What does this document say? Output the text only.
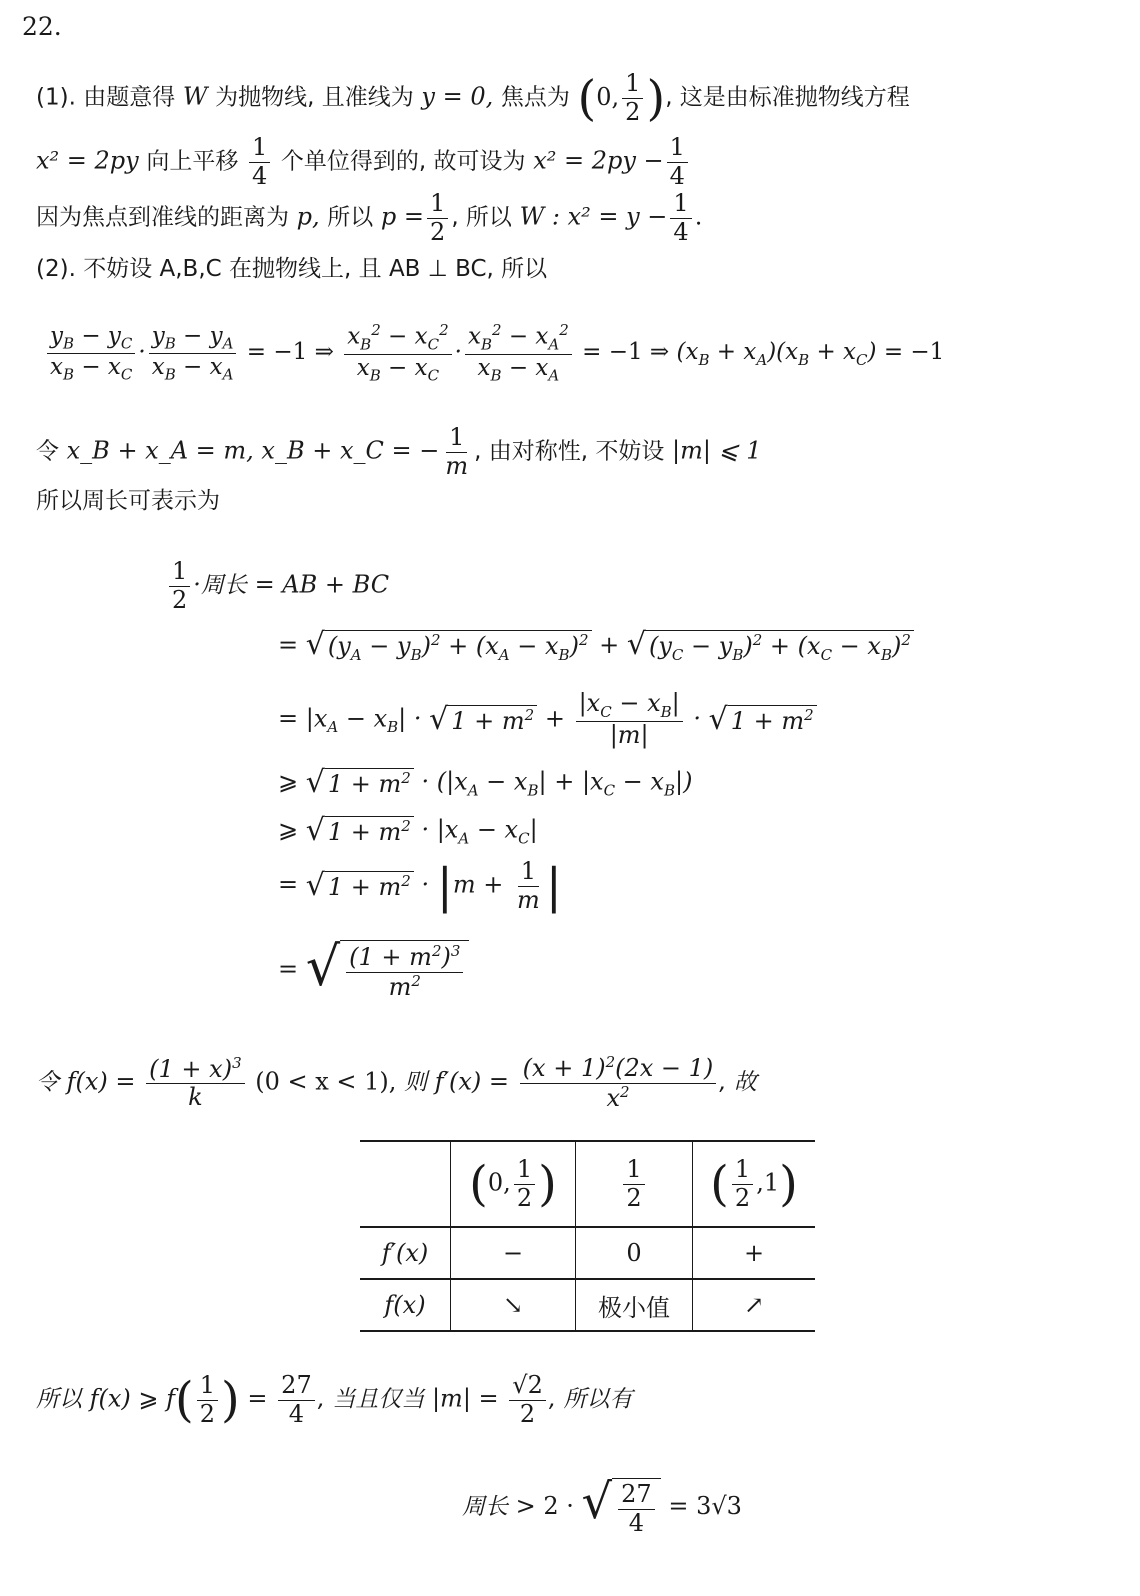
22.
(1). 由题意得 W 为抛物线, 且准线为 y = 0, 焦点为 (0, $\frac{1}{2}$ ), 这是由标准抛物线方程
x² = 2py 向上平移 $\frac{1}{4}$ 个单位得到的, 故可设为 $x^2 = 2py - \frac{1}{4}$
因为焦点到准线的距离为 p, 所以 $p = \frac{1}{2}$ , 所以 W : $x^2 = y - \frac{1}{4}$ .
(2). 不妨设 A,B,C 在抛物线上, 且 AB ⊥ BC, 所以
$\frac{y_B - y_C}{x_B - x_C} \cdot \frac{y_B - y_A}{x_B - x_A} = -1$ ⇒ $\frac{x_B^2 - x_C^2}{x_B - x_C} \cdot \frac{x_B^2 - x_A^2}{x_B - x_A} = -1$ ⇒ $(x_B + x_A)(x_B + x_C) = -1$
令 x_B + x_A = m, x_B + x_C = − $\frac{1}{m}$ , 由对称性, 不妨设 |m| ⩽ 1
所以周长可表示为
$\frac{1}{2}$ ·周长 = AB + BC
= √ $(y_A - y_B)^2 + (x_A - x_B)^2$ + √ $(y_C - y_B)^2 + (x_C - x_B)^2$
= $|x_A - x_B|$ · √ $1 + m^2 + \frac{|x_C - x_B|}{|m|}$ · √ $1 + m^2$
⩾ √ $1 + m^2 \cdot (|x_A - x_B| + |x_C - x_B|)$
⩾ √ $1 + m^2 \cdot |x_A - x_C|$
= √ $1 + m^2 \cdot |m + \frac{1}{m}$ |
= √ $\frac{(1 + m^2)^3}{m^2}$
令 $f(x) = \frac{(1 + x)^3}{k} (0 < x < 1)$, 则 $f'(x) = \frac{(x + 1)^2(2x - 1)}{x^2}$ , 故
	(0, $\frac{1}{2}$ )	$\frac{1}{2}$	( $\frac{1}{2} ,1$)
f′(x)	−	0	+
f(x)	↘	极小值	↗
所以 f(x) ⩾ $f( \frac{1}{2}$ ) = $\frac{27}{4}$ , 当且仅当 $|m| = \frac{√2}{2}$ , 所以有
周长 > 2 · √ $\frac{27}{4} = 3√3$
